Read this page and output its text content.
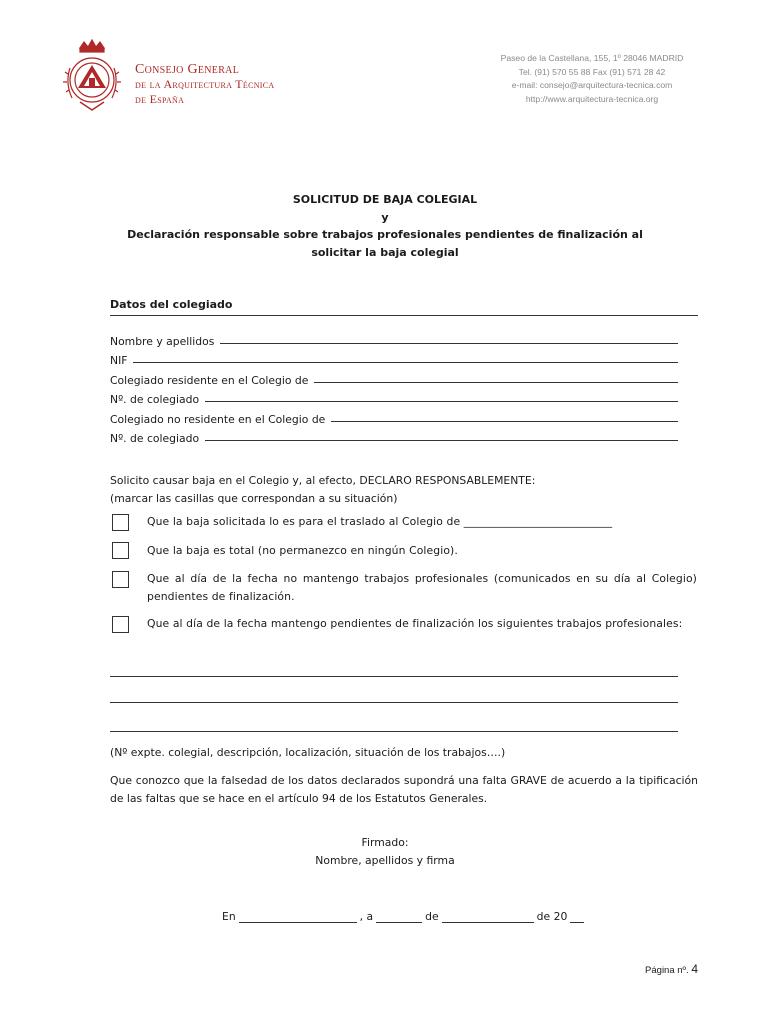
Consejo General
de la Arquitectura Técnica
de España
Paseo de la Castellana, 155, 1º 28046 MADRID
Tel. (91) 570 55 88 Fax (91) 571 28 42
e-mail: consejo@arquitectura-tecnica.com
http://www.arquitectura-tecnica.org
SOLICITUD DE BAJA COLEGIAL
y
Declaración responsable sobre trabajos profesionales pendientes de finalización al
solicitar la baja colegial
Datos del colegiado
Nombre y apellidos
NIF
Colegiado residente en el Colegio de
Nº. de colegiado
Colegiado no residente en el Colegio de
Nº. de colegiado
Solicito causar baja en el Colegio y, al efecto, DECLARO RESPONSABLEMENTE:
(marcar las casillas que correspondan a su situación)
Que la baja solicitada lo es para el traslado al Colegio de ___________________________
Que la baja es total (no permanezco en ningún Colegio).
Que al día de la fecha no mantengo trabajos profesionales (comunicados en su día al Colegio) pendientes de finalización.
Que al día de la fecha mantengo pendientes de finalización los siguientes trabajos profesionales:
(Nº expte. colegial, descripción, localización, situación de los trabajos….)
Que conozco que la falsedad de los datos declarados supondrá una falta GRAVE de acuerdo a la tipificación de las faltas que se hace en el artículo 94 de los Estatutos Generales.
Firmado:
Nombre, apellidos y firma
En	, a	de	de 20
Página nº. 4
